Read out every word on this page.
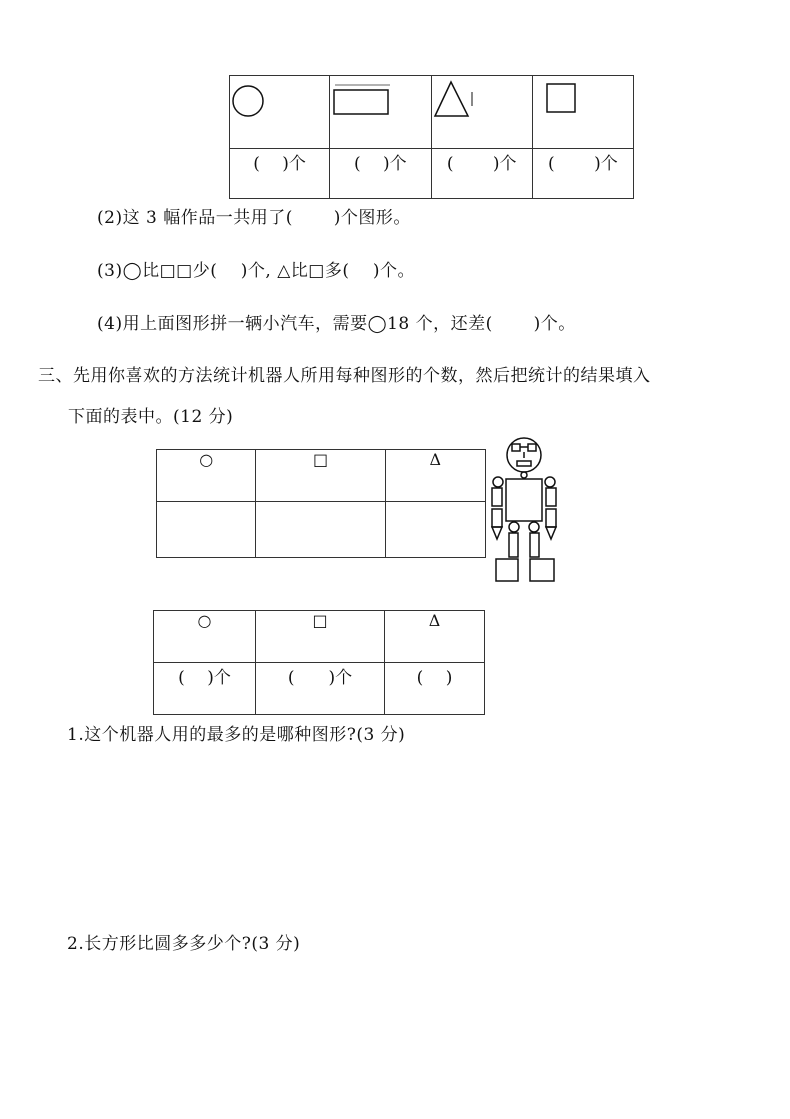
(　 )个	(　 )个	(　　 )个	(　　 )个
(2)这 3 幅作品一共用了(　　 )个图形。
(3)◯比□□少(　 )个, △比□多(　 )个。
(4)用上面图形拼一辆小汽车，需要◯18 个，还差(　　 )个。
三、先用你喜欢的方法统计机器人所用每种图形的个数，然后把统计的结果填入
下面的表中。(12 分)
○	□	Δ

○	□	Δ
(　 )个	(　　)个	(　 )
1.这个机器人用的最多的是哪种图形?(3 分)
2.长方形比圆多多少个?(3 分)
